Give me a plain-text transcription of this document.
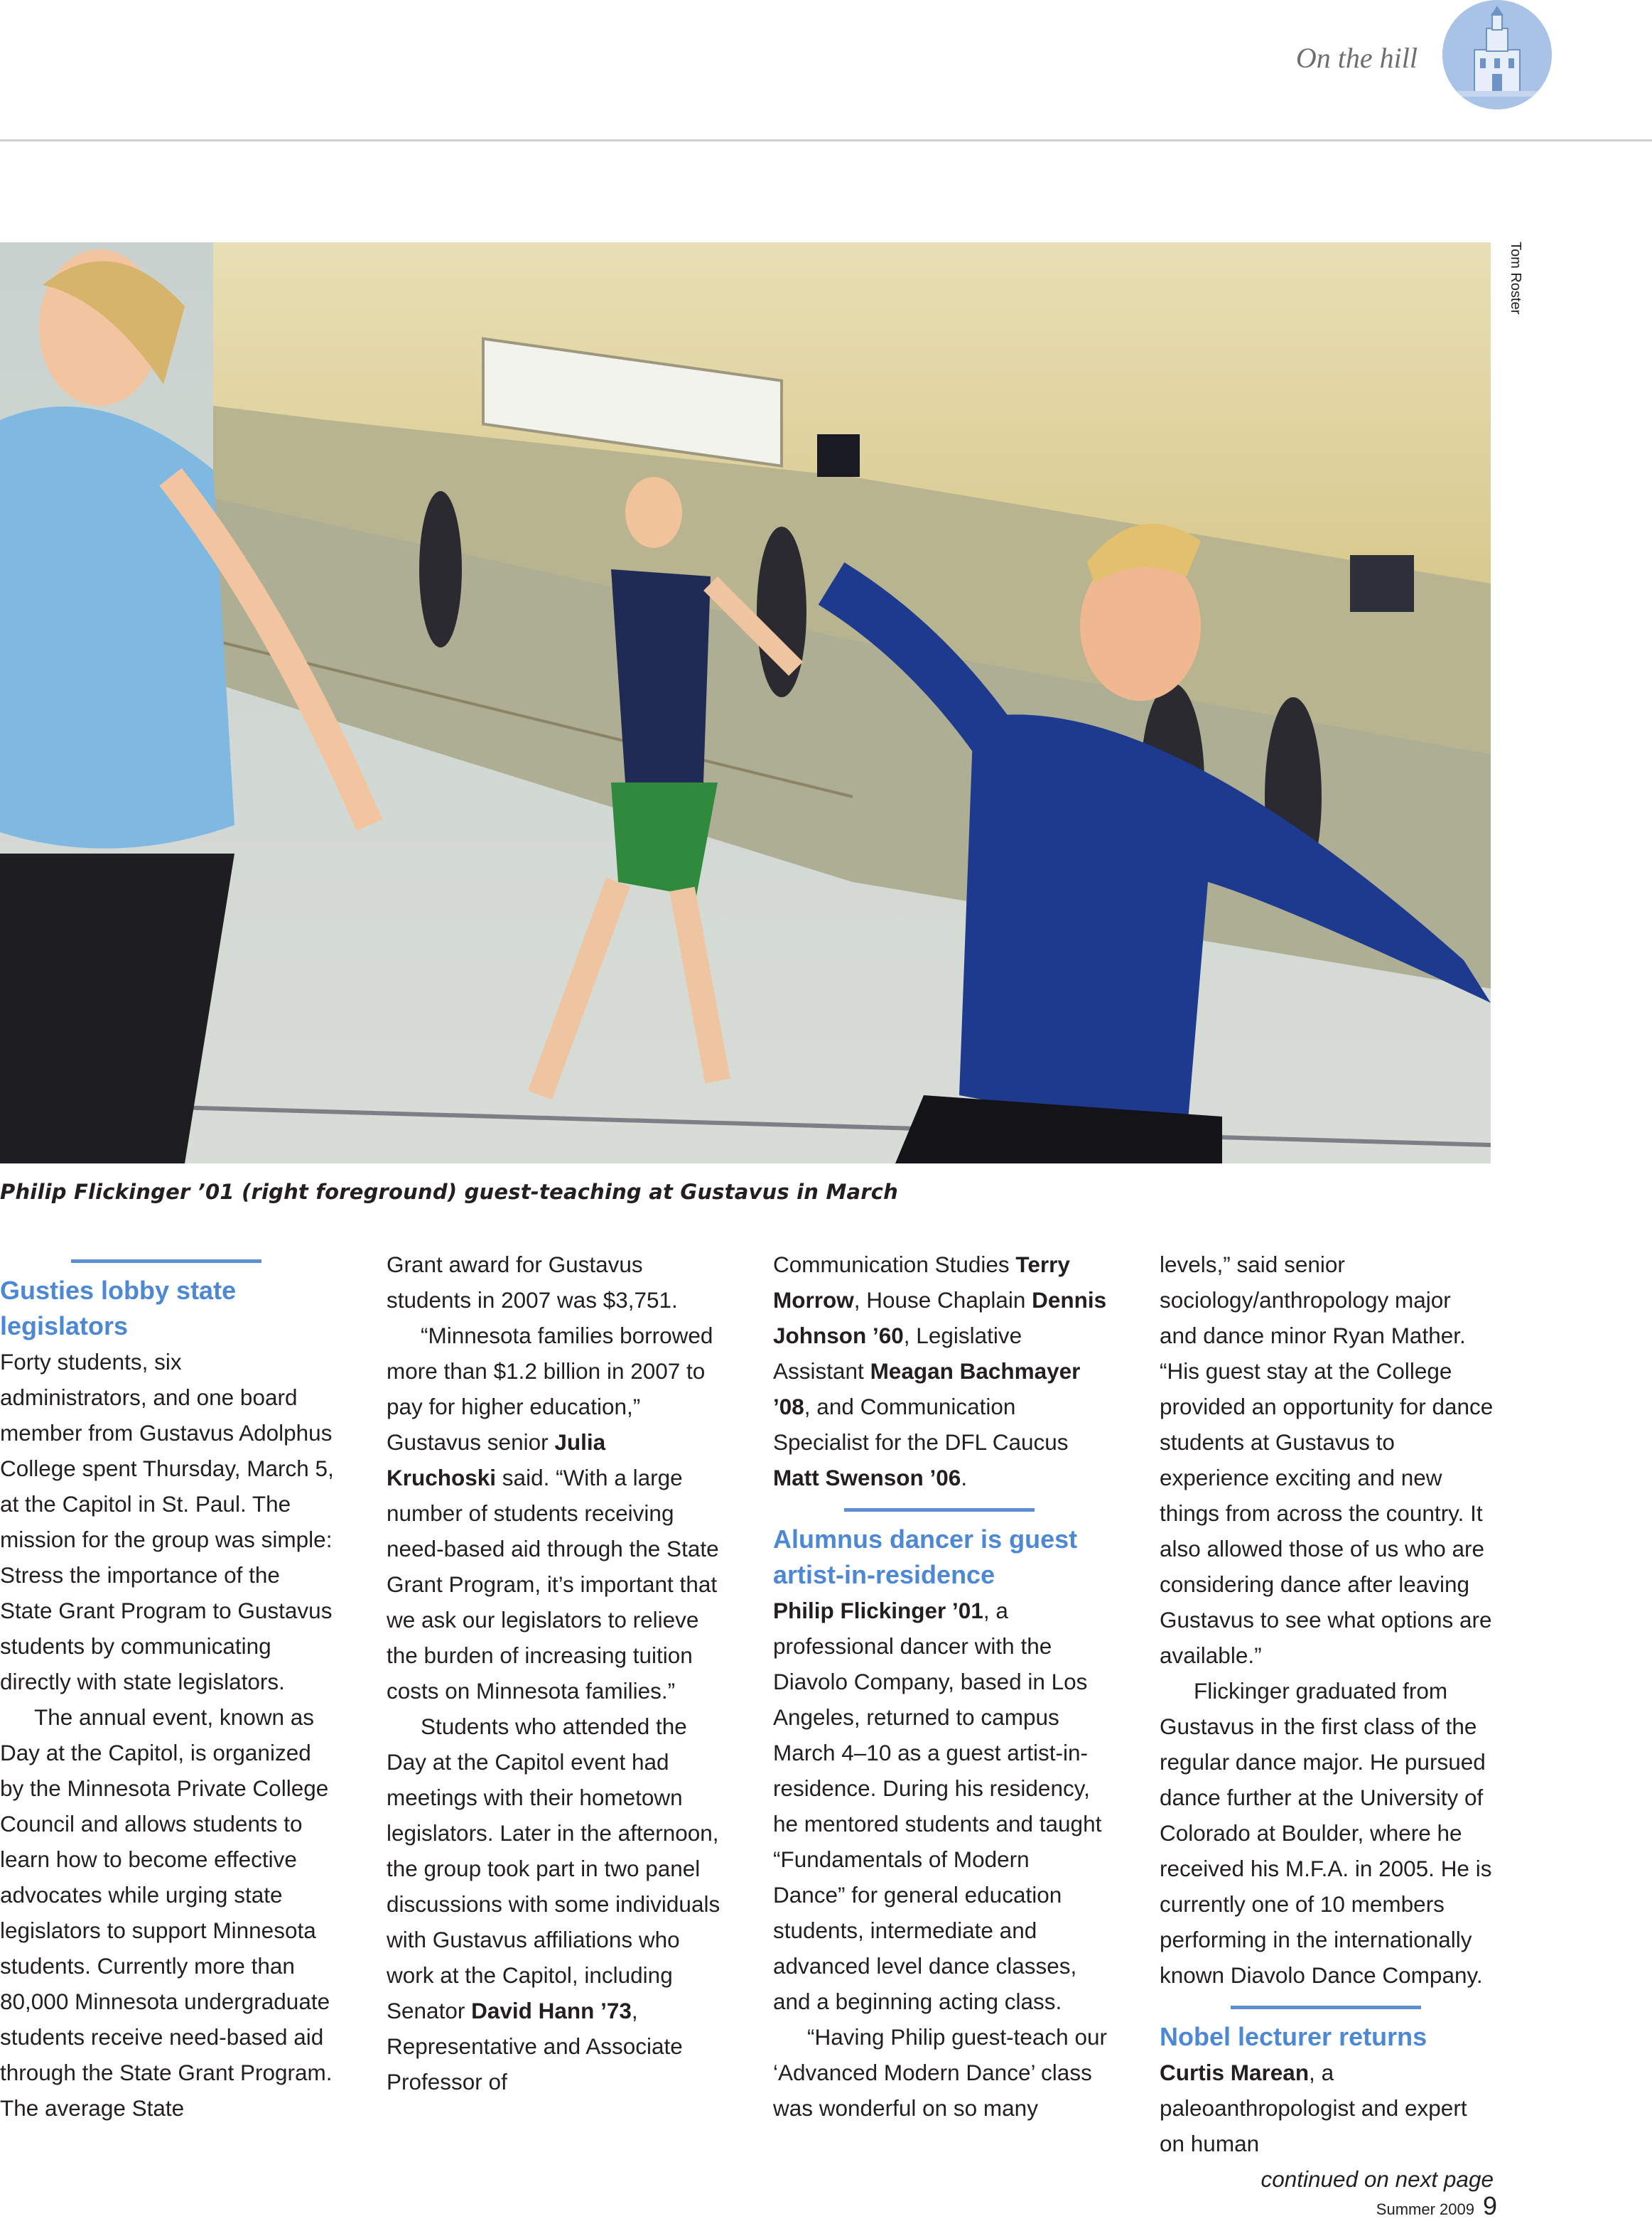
On the hill
Tom Roster
Philip Flickinger ’01 (right foreground) guest-teaching at Gustavus in March
Gusties lobby state legislators

Forty students, six administrators, and one board member from Gustavus Adolphus College spent Thursday, March 5, at the Capitol in St. Paul. The mission for the group was simple: Stress the importance of the State Grant Program to Gustavus students by communicating directly with state legislators.

The annual event, known as Day at the Capitol, is organized by the Minnesota Private College Council and allows students to learn how to become effective advocates while urging state legislators to support Minnesota students. Currently more than 80,000 Minnesota undergraduate students receive need-based aid through the State Grant Program. The average State

Grant award for Gustavus students in 2007 was $3,751.

“Minnesota families borrowed more than $1.2 billion in 2007 to pay for higher education,” Gustavus senior Julia Kruchoski said. “With a large number of students receiving need-based aid through the State Grant Program, it’s important that we ask our legislators to relieve the burden of increasing tuition costs on Minnesota families.”

Students who attended the Day at the Capitol event had meetings with their hometown legislators. Later in the afternoon, the group took part in two panel discussions with some individuals with Gustavus affiliations who work at the Capitol, including Senator David Hann ’73, Representative and Associate Professor of

Communication Studies Terry Morrow, House Chaplain Dennis Johnson ’60, Legislative Assistant Meagan Bachmayer ’08, and Communication Specialist for the DFL Caucus Matt Swenson ’06.

Alumnus dancer is guest artist-in-residence

Philip Flickinger ’01, a professional dancer with the Diavolo Company, based in Los Angeles, returned to campus March 4–10 as a guest artist-in-residence. During his residency, he mentored students and taught “Fundamentals of Modern Dance” for general education students, intermediate and advanced level dance classes, and a beginning acting class.

“Having Philip guest-teach our ‘Advanced Modern Dance’ class was wonderful on so many

levels,” said senior sociology/anthropology major and dance minor Ryan Mather. “His guest stay at the College provided an opportunity for dance students at Gustavus to experience exciting and new things from across the country. It also allowed those of us who are considering dance after leaving Gustavus to see what options are available.”

Flickinger graduated from Gustavus in the first class of the regular dance major. He pursued dance further at the University of Colorado at Boulder, where he received his M.F.A. in 2005. He is currently one of 10 members performing in the internationally known Diavolo Dance Company.

Nobel lecturer returns

Curtis Marean, a paleoanthropologist and expert on human

continued on next page
Summer 2009 9
